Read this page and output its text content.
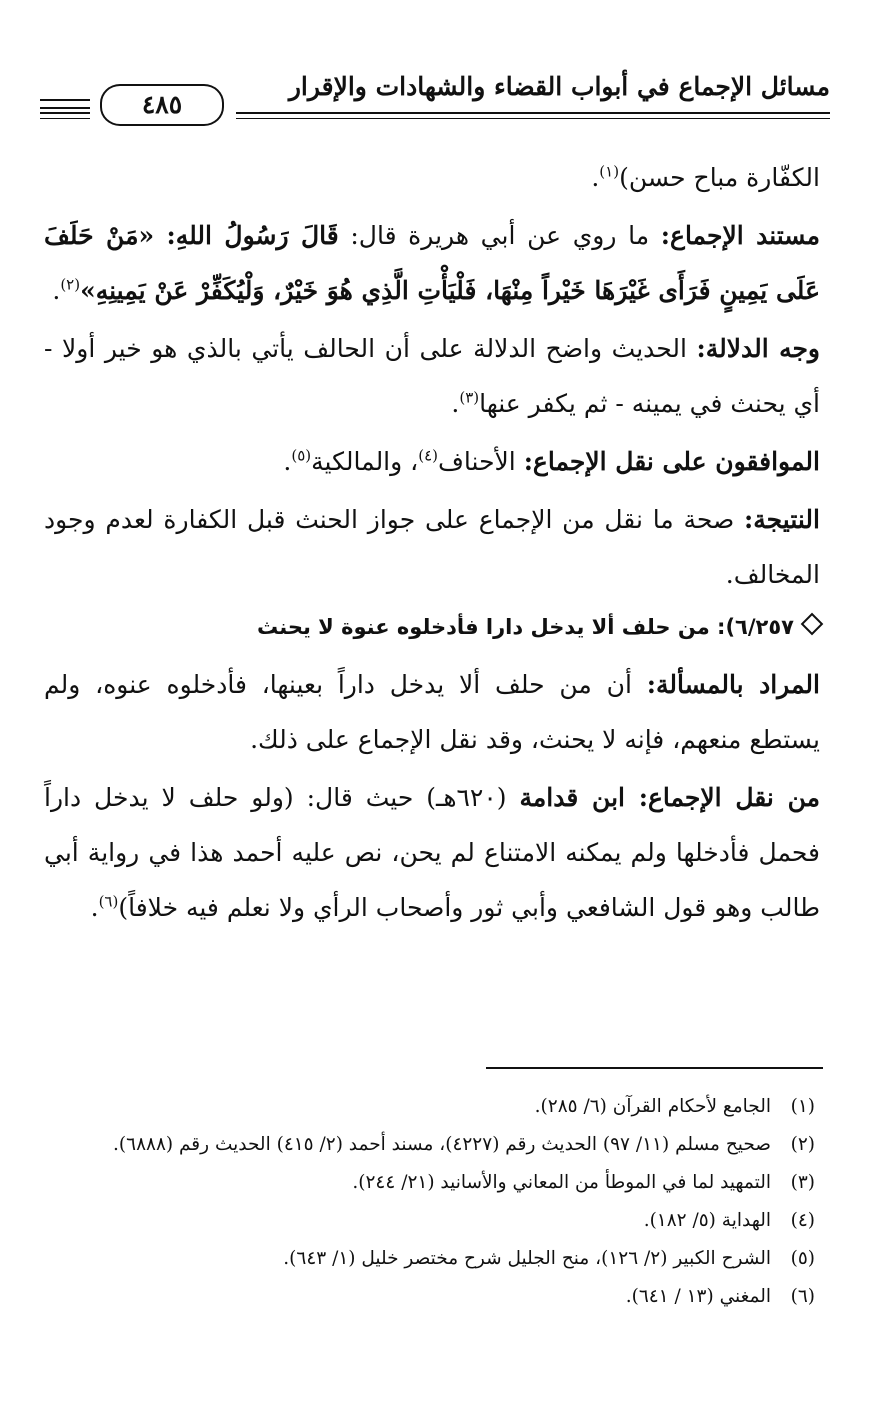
مسائل الإجماع في أبواب القضاء والشهادات والإقرار
٤٨٥

الكفّارة مباح حسن)$^{(١)}$.

مستند الإجماع: ما روي عن أبي هريرة قال: قَالَ رَسُولُ اللهِ: «مَنْ حَلَفَ عَلَى يَمِينٍ فَرَأَى غَيْرَهَا خَيْراً مِنْهَا، فَلْيَأْتِ الَّذِي هُوَ خَيْرٌ، وَلْيُكَفِّرْ عَنْ يَمِينِهِ»$^{(٢)}$.

وجه الدلالة: الحديث واضح الدلالة على أن الحالف يأتي بالذي هو خير أولا - أي يحنث في يمينه - ثم يكفر عنها$^{(٣)}$.

الموافقون على نقل الإجماع: الأحناف$^{(٤)}$، والمالكية$^{(٥)}$.

النتيجة: صحة ما نقل من الإجماع على جواز الحنث قبل الكفارة لعدم وجود المخالف.

٦/٢٥٧): من حلف ألا يدخل دارا فأدخلوه عنوة لا يحنث

المراد بالمسألة: أن من حلف ألا يدخل داراً بعينها، فأدخلوه عنوه، ولم يستطع منعهم، فإنه لا يحنث، وقد نقل الإجماع على ذلك.

من نقل الإجماع: ابن قدامة (٦٢٠هـ) حيث قال: (ولو حلف لا يدخل داراً فحمل فأدخلها ولم يمكنه الامتناع لم يحن، نص عليه أحمد هذا في رواية أبي طالب وهو قول الشافعي وأبي ثور وأصحاب الرأي ولا نعلم فيه خلافاً)$^{(٦)}$.

(١)
الجامع لأحكام القرآن (٦/ ٢٨٥).

(٢)
صحيح مسلم (١١/ ٩٧) الحديث رقم (٤٢٢٧)، مسند أحمد (٢/ ٤١٥) الحديث رقم (٦٨٨٨).

(٣)
التمهيد لما في الموطأ من المعاني والأسانيد (٢١/ ٢٤٤).

(٤)
الهداية (٥/ ١٨٢).

(٥)
الشرح الكبير (٢/ ١٢٦)، منح الجليل شرح مختصر خليل (١/ ٦٤٣).

(٦)
المغني (١٣ / ٦٤١).
